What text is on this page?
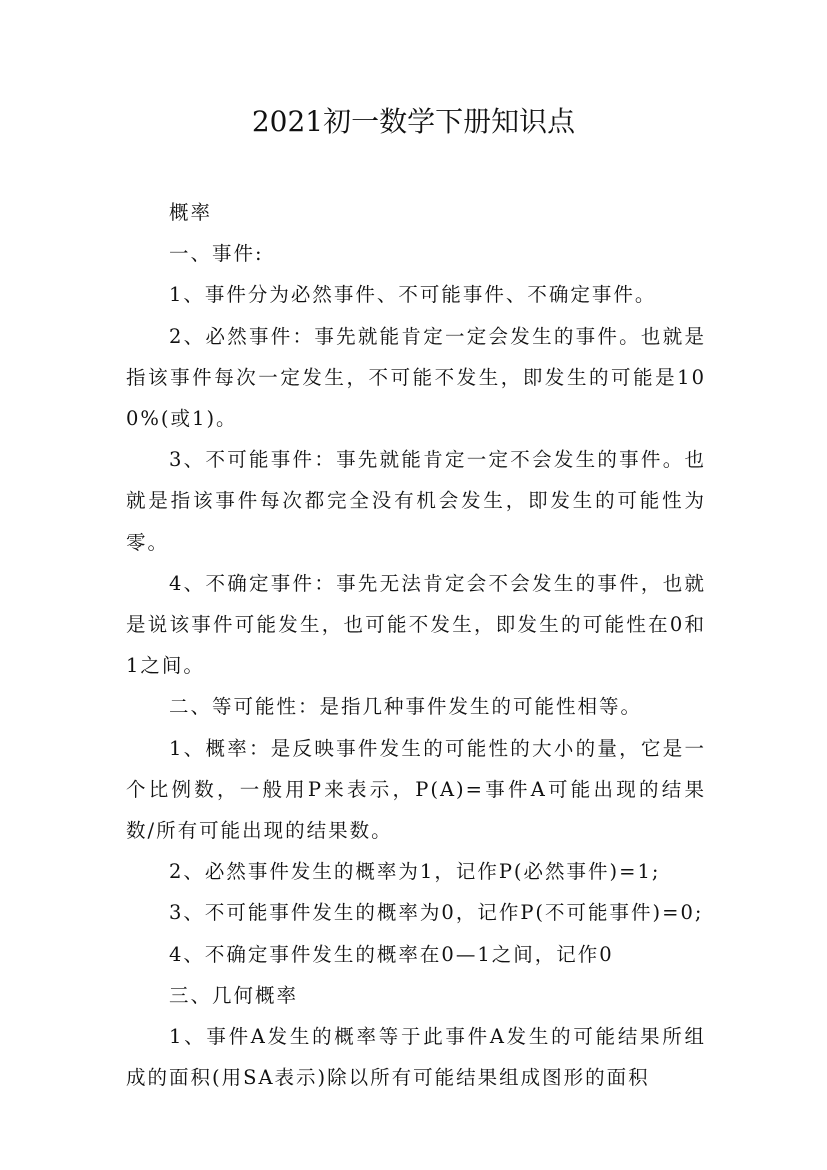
2021初一数学下册知识点

概率

一、事件:

1、事件分为必然事件、不可能事件、不确定事件。

2、必然事件：事先就能肯定一定会发生的事件。也就是指该事件每次一定发生，不可能不发生，即发生的可能是100%(或1)。

3、不可能事件：事先就能肯定一定不会发生的事件。也就是指该事件每次都完全没有机会发生，即发生的可能性为零。

4、不确定事件：事先无法肯定会不会发生的事件，也就是说该事件可能发生，也可能不发生，即发生的可能性在0和1之间。

二、等可能性：是指几种事件发生的可能性相等。

1、概率：是反映事件发生的可能性的大小的量，它是一个比例数，一般用P来表示，P(A)=事件A可能出现的结果数/所有可能出现的结果数。

2、必然事件发生的概率为1，记作P(必然事件)=1;

3、不可能事件发生的概率为0，记作P(不可能事件)=0;

4、不确定事件发生的概率在0—1之间，记作0

三、几何概率

1、事件A发生的概率等于此事件A发生的可能结果所组成的面积(用SA表示)除以所有可能结果组成图形的面积
